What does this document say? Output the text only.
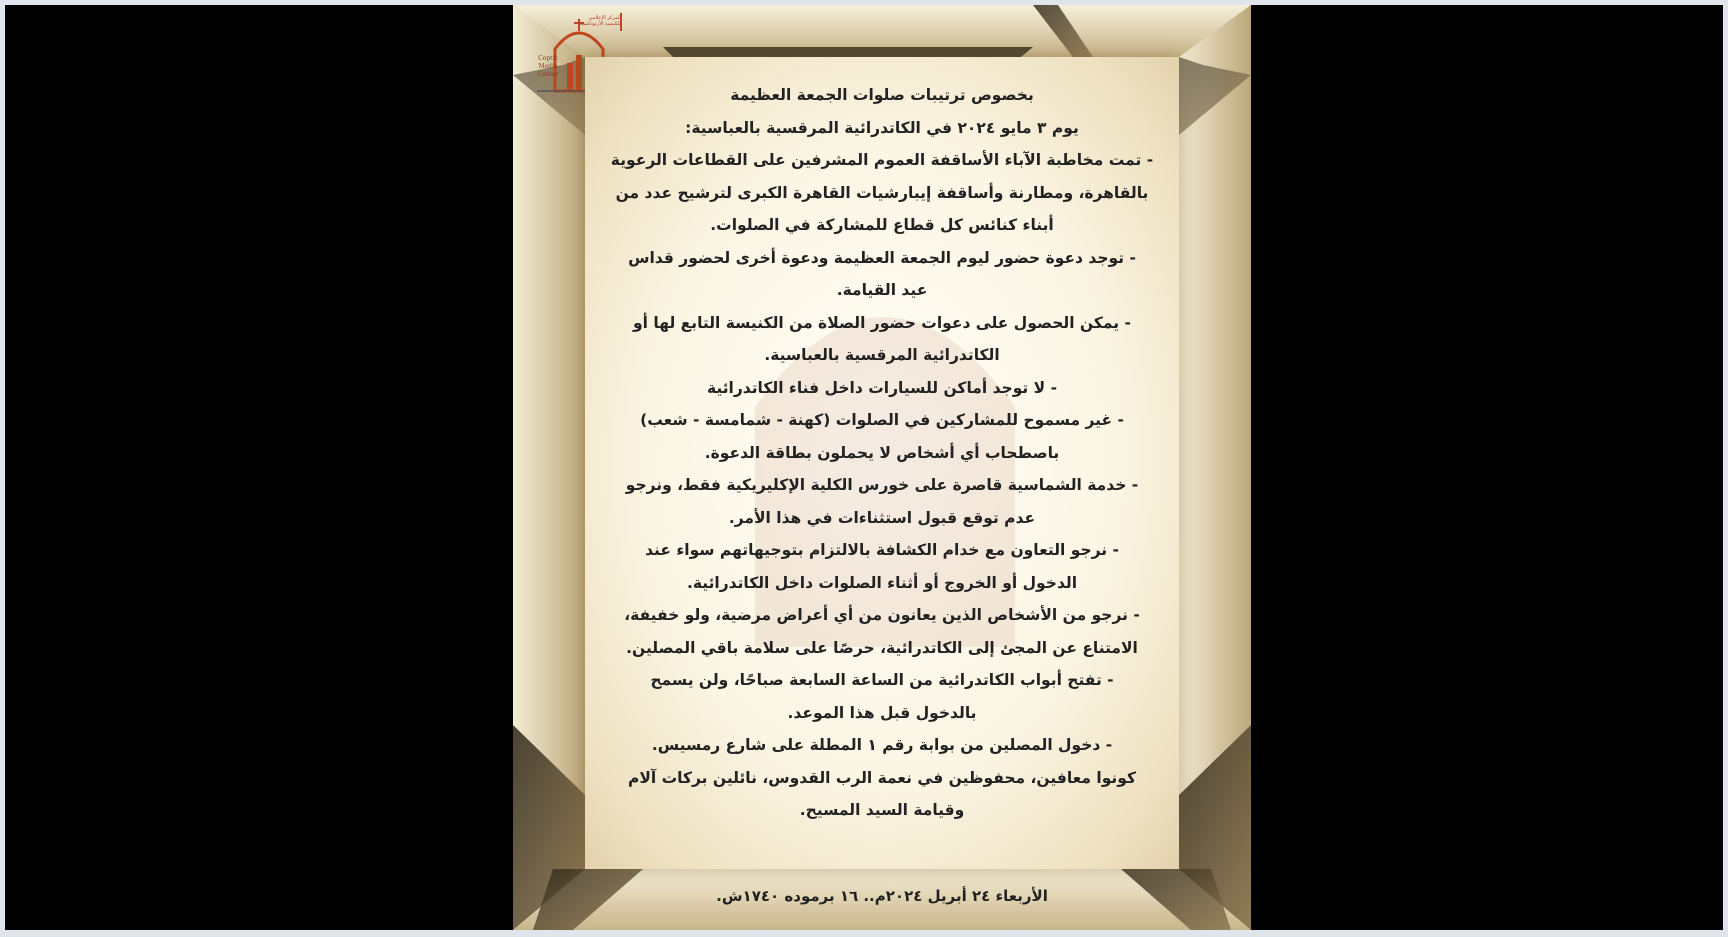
Coptic
Media
Center
المركز الإعلامي
للكنيسة الأرثوذكسية
بخصوص ترتيبات صلوات الجمعة العظيمة
يوم ٣ مايو ٢٠٢٤ في الكاتدرائية المرقسية بالعباسية:
- تمت مخاطبة الآباء الأساقفة العموم المشرفين على القطاعات الرعوية
بالقاهرة، ومطارنة وأساقفة إيبارشيات القاهرة الكبرى لترشيح عدد من
أبناء كنائس كل قطاع للمشاركة في الصلوات.
- توجد دعوة حضور ليوم الجمعة العظيمة ودعوة أخرى لحضور قداس
عيد القيامة.
- يمكن الحصول على دعوات حضور الصلاة من الكنيسة التابع لها أو
الكاتدرائية المرقسية بالعباسية.
- لا توجد أماكن للسيارات داخل فناء الكاتدرائية
- غير مسموح للمشاركين في الصلوات (كهنة - شمامسة - شعب)
باصطحاب أي أشخاص لا يحملون بطاقة الدعوة.
- خدمة الشماسية قاصرة على خورس الكلية الإكليريكية فقط، ونرجو
عدم توقع قبول استثناءات في هذا الأمر.
- نرجو التعاون مع خدام الكشافة بالالتزام بتوجيهاتهم سواء عند
الدخول أو الخروج أو أثناء الصلوات داخل الكاتدرائية.
- نرجو من الأشخاص الذين يعانون من أي أعراض مرضية، ولو خفيفة،
الامتناع عن المجئ إلى الكاتدرائية، حرصًا على سلامة باقي المصلين.
- تفتح أبواب الكاتدرائية من الساعة السابعة صباحًا، ولن يسمح
بالدخول قبل هذا الموعد.
- دخول المصلين من بوابة رقم ١ المطلة على شارع رمسيس.
كونوا معافين، محفوظين في نعمة الرب القدوس، نائلين بركات آلام
وقيامة السيد المسيح.
الأربعاء ٢٤ أبريل ٢٠٢٤م.. ١٦ برموده ١٧٤٠ش.
